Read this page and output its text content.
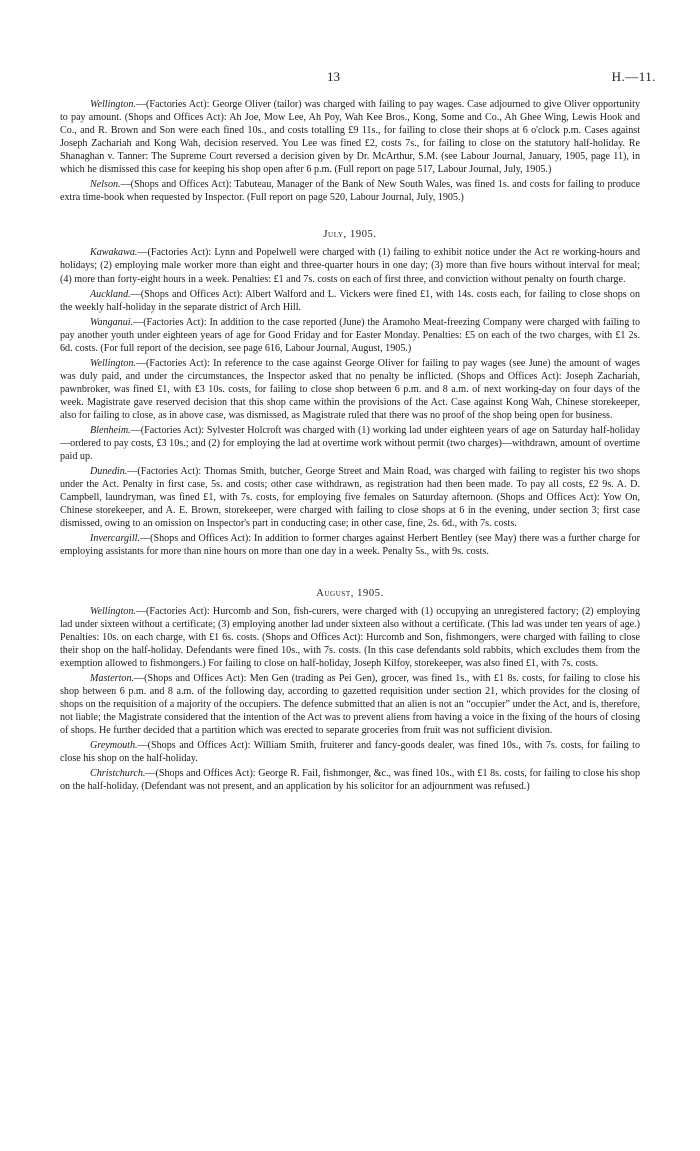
13	H.—11.

Wellington.—(Factories Act): George Oliver (tailor) was charged with failing to pay wages. Case adjourned to give Oliver opportunity to pay amount. (Shops and Offices Act): Ah Joe, Mow Lee, Ah Poy, Wah Kee Bros., Kong, Some and Co., Ah Ghee Wing, Lewis Hook and Co., and R. Brown and Son were each fined 10s., and costs totalling £9 11s., for failing to close their shops at 6 o'clock p.m. Cases against Joseph Zachariah and Kong Wah, decision reserved. You Lee was fined £2, costs 7s., for failing to close on the statutory half-holiday. Re Shanaghan v. Tanner: The Supreme Court reversed a decision given by Dr. McArthur, S.M. (see Labour Journal, January, 1905, page 11), in which he dismissed this case for keeping his shop open after 6 p.m. (Full report on page 517, Labour Journal, July, 1905.)

Nelson.—(Shops and Offices Act): Tabuteau, Manager of the Bank of New South Wales, was fined 1s. and costs for failing to produce extra time-book when requested by Inspector. (Full report on page 520, Labour Journal, July, 1905.)

July, 1905.

Kawakawa.—(Factories Act): Lynn and Popelwell were charged with (1) failing to exhibit notice under the Act re working-hours and holidays; (2) employing male worker more than eight and three-quarter hours in one day; (3) more than five hours without interval for meal; (4) more than forty-eight hours in a week. Penalties: £1 and 7s. costs on each of first three, and conviction without penalty on fourth charge.

Auckland.—(Shops and Offices Act): Albert Walford and L. Vickers were fined £1, with 14s. costs each, for failing to close shops on the weekly half-holiday in the separate district of Arch Hill.

Wanganui.—(Factories Act): In addition to the case reported (June) the Aramoho Meat-freezing Company were charged with failing to pay another youth under eighteen years of age for Good Friday and for Easter Monday. Penalties: £5 on each of the two charges, with £1 2s. 6d. costs. (For full report of the decision, see page 616, Labour Journal, August, 1905.)

Wellington.—(Factories Act): In reference to the case against George Oliver for failing to pay wages (see June) the amount of wages was duly paid, and under the circumstances, the Inspector asked that no penalty be inflicted. (Shops and Offices Act): Joseph Zachariah, pawnbroker, was fined £1, with £3 10s. costs, for failing to close shop between 6 p.m. and 8 a.m. of next working-day on four days of the week. Magistrate gave reserved decision that this shop came within the provisions of the Act. Case against Kong Wah, Chinese storekeeper, also for failing to close, as in above case, was dismissed, as Magistrate ruled that there was no proof of the shop being open for business.

Blenheim.—(Factories Act): Sylvester Holcroft was charged with (1) working lad under eighteen years of age on Saturday half-holiday—ordered to pay costs, £3 10s.; and (2) for employing the lad at overtime work without permit (two charges)—withdrawn, amount of overtime paid up.

Dunedin.—(Factories Act): Thomas Smith, butcher, George Street and Main Road, was charged with failing to register his two shops under the Act. Penalty in first case, 5s. and costs; other case withdrawn, as registration had then been made. To pay all costs, £2 9s. A. D. Campbell, laundryman, was fined £1, with 7s. costs, for employing five females on Saturday afternoon. (Shops and Offices Act): Yow On, Chinese storekeeper, and A. E. Brown, storekeeper, were charged with failing to close shops at 6 in the evening, under section 3; first case dismissed, owing to an omission on Inspector's part in conducting case; in other case, fine, 2s. 6d., with 7s. costs.

Invercargill.—(Shops and Offices Act): In addition to former charges against Herbert Bentley (see May) there was a further charge for employing assistants for more than nine hours on more than one day in a week. Penalty 5s., with 9s. costs.

August, 1905.

Wellington.—(Factories Act): Hurcomb and Son, fish-curers, were charged with (1) occupying an unregistered factory; (2) employing lad under sixteen without a certificate; (3) employing another lad under sixteen also without a certificate. (This lad was under ten years of age.) Penalties: 10s. on each charge, with £1 6s. costs. (Shops and Offices Act): Hurcomb and Son, fishmongers, were charged with failing to close their shop on the half-holiday. Defendants were fined 10s., with 7s. costs. (In this case defendants sold rabbits, which excludes them from the exemption allowed to fishmongers.) For failing to close on half-holiday, Joseph Kilfoy, storekeeper, was also fined £1, with 7s. costs.

Masterton.—(Shops and Offices Act): Men Gen (trading as Pei Gen), grocer, was fined 1s., with £1 8s. costs, for failing to close his shop between 6 p.m. and 8 a.m. of the following day, according to gazetted requisition under section 21, which provides for the closing of shops on the requisition of a majority of the occupiers. The defence submitted that an alien is not an “occupier” under the Act, and is, therefore, not liable; the Magistrate considered that the intention of the Act was to prevent aliens from having a voice in the fixing of the hours of closing of shops. He further decided that a partition which was erected to separate groceries from fruit was not sufficient division.

Greymouth.—(Shops and Offices Act): William Smith, fruiterer and fancy-goods dealer, was fined 10s., with 7s. costs, for failing to close his shop on the half-holiday.

Christchurch.—(Shops and Offices Act): George R. Fail, fishmonger, &c., was fined 10s., with £1 8s. costs, for failing to close his shop on the half-holiday. (Defendant was not present, and an application by his solicitor for an adjournment was refused.)
